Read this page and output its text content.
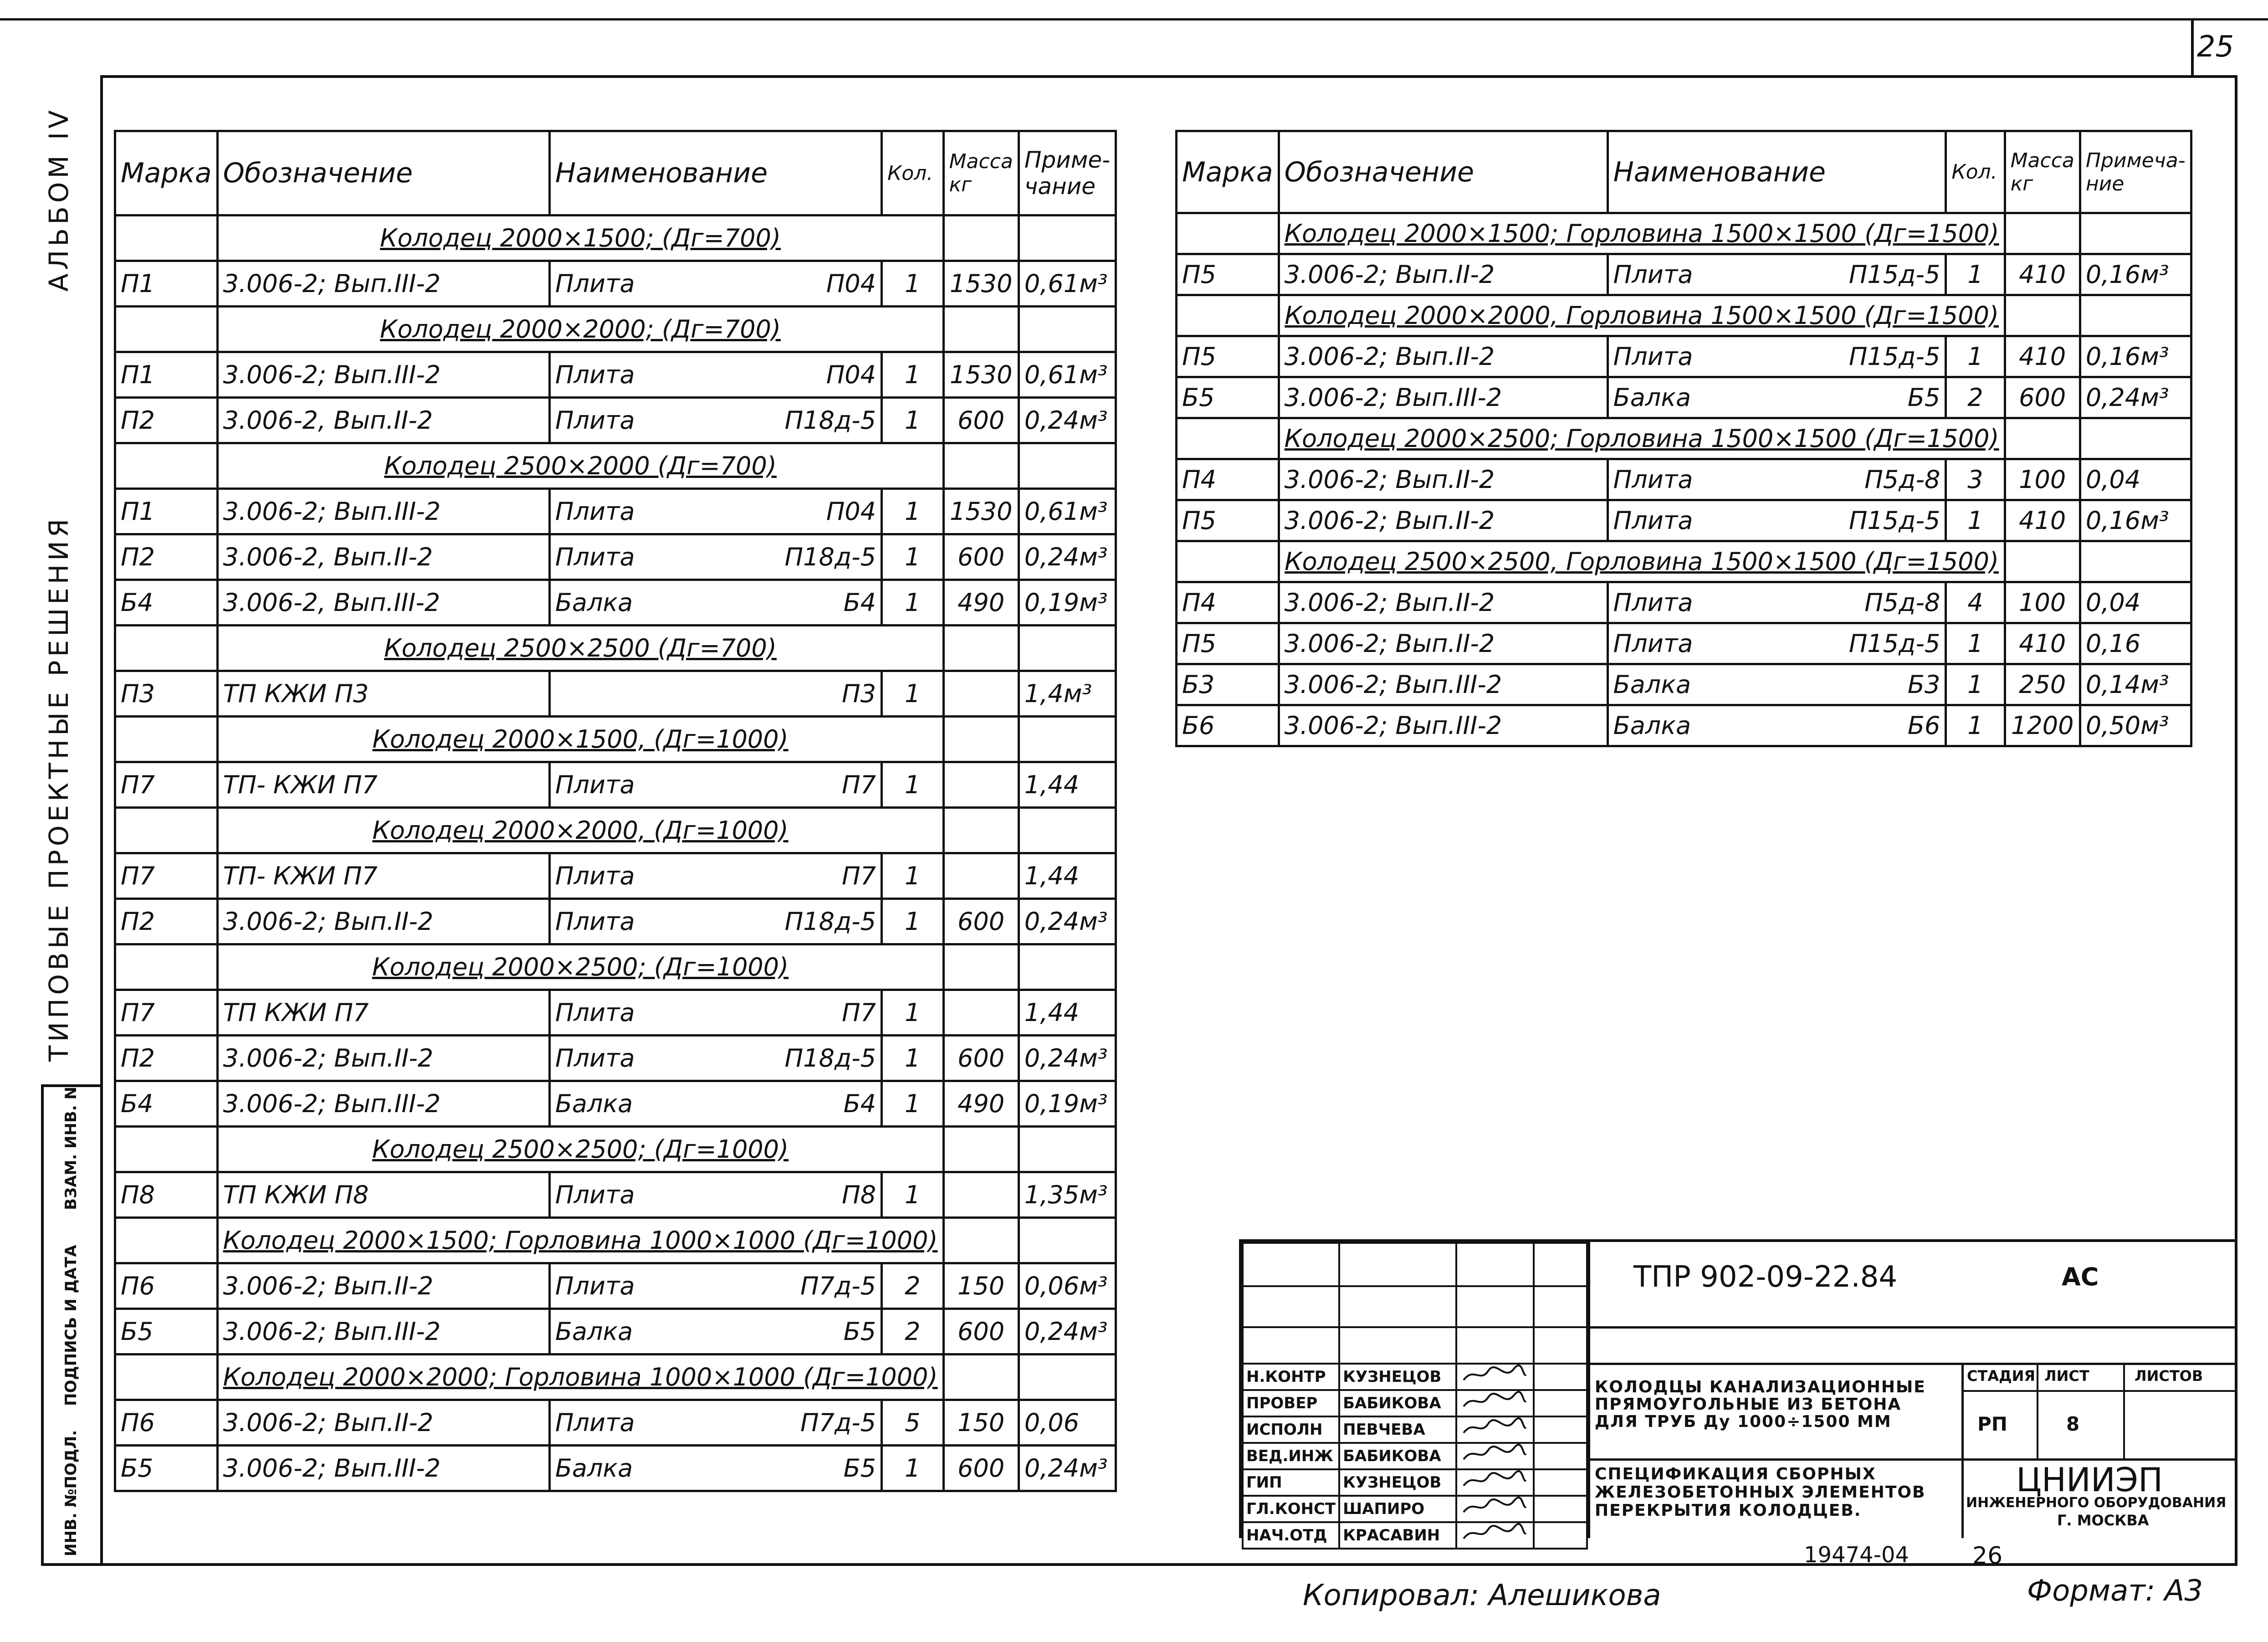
25
АЛЬБОМ IV
ТИПОВЫЕ ПРОЕКТНЫЕ РЕШЕНИЯ
ВЗАМ. ИНВ. N
ПОДПИСЬ И ДАТА
ИНВ. №ПОДЛ.
Марка	Обозначение	Наименование	Кол.	Масса кг	Приме- чание
	Колодец 2000×1500; (Дг=700)				
П1	3.006-2; Вып.III-2	Плита П04	1	1530	0,61м³
	Колодец 2000×2000; (Дг=700)				
П1	3.006-2; Вып.III-2	Плита П04	1	1530	0,61м³
П2	3.006-2, Вып.II-2	Плита П18д-5	1	600	0,24м³
	Колодец 2500×2000 (Дг=700)				
П1	3.006-2; Вып.III-2	Плита П04	1	1530	0,61м³
П2	3.006-2, Вып.II-2	Плита П18д-5	1	600	0,24м³
Б4	3.006-2, Вып.III-2	Балка Б4	1	490	0,19м³
	Колодец 2500×2500 (Дг=700)				
П3	ТП КЖИ П3	П3	1		1,4м³
	Колодец 2000×1500, (Дг=1000)				
П7	ТП- КЖИ П7	Плита П7	1		1,44
	Колодец 2000×2000, (Дг=1000)				
П7	ТП- КЖИ П7	Плита П7	1		1,44
П2	3.006-2; Вып.II-2	Плита П18д-5	1	600	0,24м³
	Колодец 2000×2500; (Дг=1000)				
П7	ТП КЖИ П7	Плита П7	1		1,44
П2	3.006-2; Вып.II-2	Плита П18д-5	1	600	0,24м³
Б4	3.006-2; Вып.III-2	Балка Б4	1	490	0,19м³
	Колодец 2500×2500; (Дг=1000)				
П8	ТП КЖИ П8	Плита П8	1		1,35м³
	Колодец 2000×1500; Горловина 1000×1000 (Дг=1000)				
П6	3.006-2; Вып.II-2	Плита П7д-5	2	150	0,06м³
Б5	3.006-2; Вып.III-2	Балка Б5	2	600	0,24м³
	Колодец 2000×2000; Горловина 1000×1000 (Дг=1000)				
П6	3.006-2; Вып.II-2	Плита П7д-5	5	150	0,06
Б5	3.006-2; Вып.III-2	Балка Б5	1	600	0,24м³
Марка	Обозначение	Наименование	Кол.	Масса кг	Примеча- ние
	Колодец 2000×1500; Горловина 1500×1500 (Дг=1500)				
П5	3.006-2; Вып.II-2	Плита П15д-5	1	410	0,16м³
	Колодец 2000×2000, Горловина 1500×1500 (Дг=1500)				
П5	3.006-2; Вып.II-2	Плита П15д-5	1	410	0,16м³
Б5	3.006-2; Вып.III-2	Балка Б5	2	600	0,24м³
	Колодец 2000×2500; Горловина 1500×1500 (Дг=1500)				
П4	3.006-2; Вып.II-2	Плита П5д-8	3	100	0,04
П5	3.006-2; Вып.II-2	Плита П15д-5	1	410	0,16м³
	Колодец 2500×2500, Горловина 1500×1500 (Дг=1500)				
П4	3.006-2; Вып.II-2	Плита П5д-8	4	100	0,04
П5	3.006-2; Вып.II-2	Плита П15д-5	1	410	0,16
Б3	3.006-2; Вып.III-2	Балка Б3	1	250	0,14м³
Б6	3.006-2; Вып.III-2	Балка Б6	1	1200	0,50м³

Н.КОНТР	КУЗНЕЦОВ		
ПРОВЕР	БАБИКОВА		
ИСПОЛН	ПЕВЧЕВА		
ВЕД.ИНЖ	БАБИКОВА		
ГИП	КУЗНЕЦОВ		
ГЛ.КОНСТ	ШАПИРО		
НАЧ.ОТД	КРАСАВИН		
ТПР 902-09-22.84	АС
КОЛОДЦЫ КАНАЛИЗАЦИОННЫЕ ПРЯМОУГОЛЬНЫЕ ИЗ БЕТОНА ДЛЯ ТРУБ Ду 1000÷1500 ММ
СТАДИЯ ЛИСТ	ЛИСТОВ
РП	8
СПЕЦИФИКАЦИЯ СБОРНЫХ ЖЕЛЕЗОБЕТОННЫХ ЭЛЕМЕНТОВ ПЕРЕКРЫТИЯ КОЛОДЦЕВ.
ЦНИИЭП
ИНЖЕНЕРНОГО ОБОРУДОВАНИЯ
Г. МОСКВА
19474-04	26
Копировал: Алешикова	Формат: А3
